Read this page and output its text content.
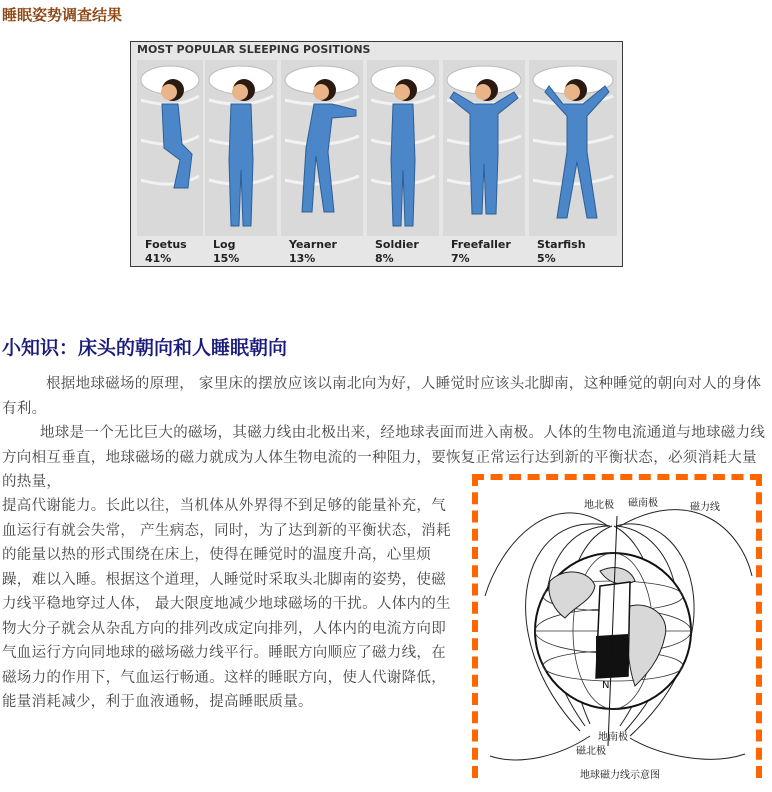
睡眠姿势调查结果
Foetus
41%
Log
15%
Yearner
13%
Soldier
8%
Freefaller
7%
Starfish
5%
MOST POPULAR SLEEPING POSITIONS
小知识：床头的朝向和人睡眠朝向

根据地球磁场的原理， 家里床的摆放应该以南北向为好，人睡觉时应该头北脚南，这种睡觉的朝向对人的身体有利。

地球是一个无比巨大的磁场，其磁力线由北极出来，经地球表面而进入南极。人体的生物电流通道与地球磁力线方向相互垂直，地球磁场的磁力就成为人体生物电流的一种阻力，要恢复正常运行达到新的平衡状态，必须消耗大量的热量，

提高代谢能力。长此以往，当机体从外界得不到足够的能量补充，气血运行有就会失常， 产生病态，同时，为了达到新的平衡状态，消耗的能量以热的形式围绕在床上，使得在睡觉时的温度升高，心里烦躁，难以入睡。根据这个道理，人睡觉时采取头北脚南的姿势，使磁力线平稳地穿过人体， 最大限度地减少地球磁场的干扰。人体内的生物大分子就会从杂乱方向的排列改成定向排列，人体内的电流方向即气血运行方向同地球的磁场磁力线平行。睡眠方向顺应了磁力线，在磁场力的作用下，气血运行畅通。这样的睡眠方向，使人代谢降低，能量消耗减少，利于血液通畅，提高睡眠质量。

地北极 磁南极	磁力线
N
地南极
磁北极
地球磁力线示意图
